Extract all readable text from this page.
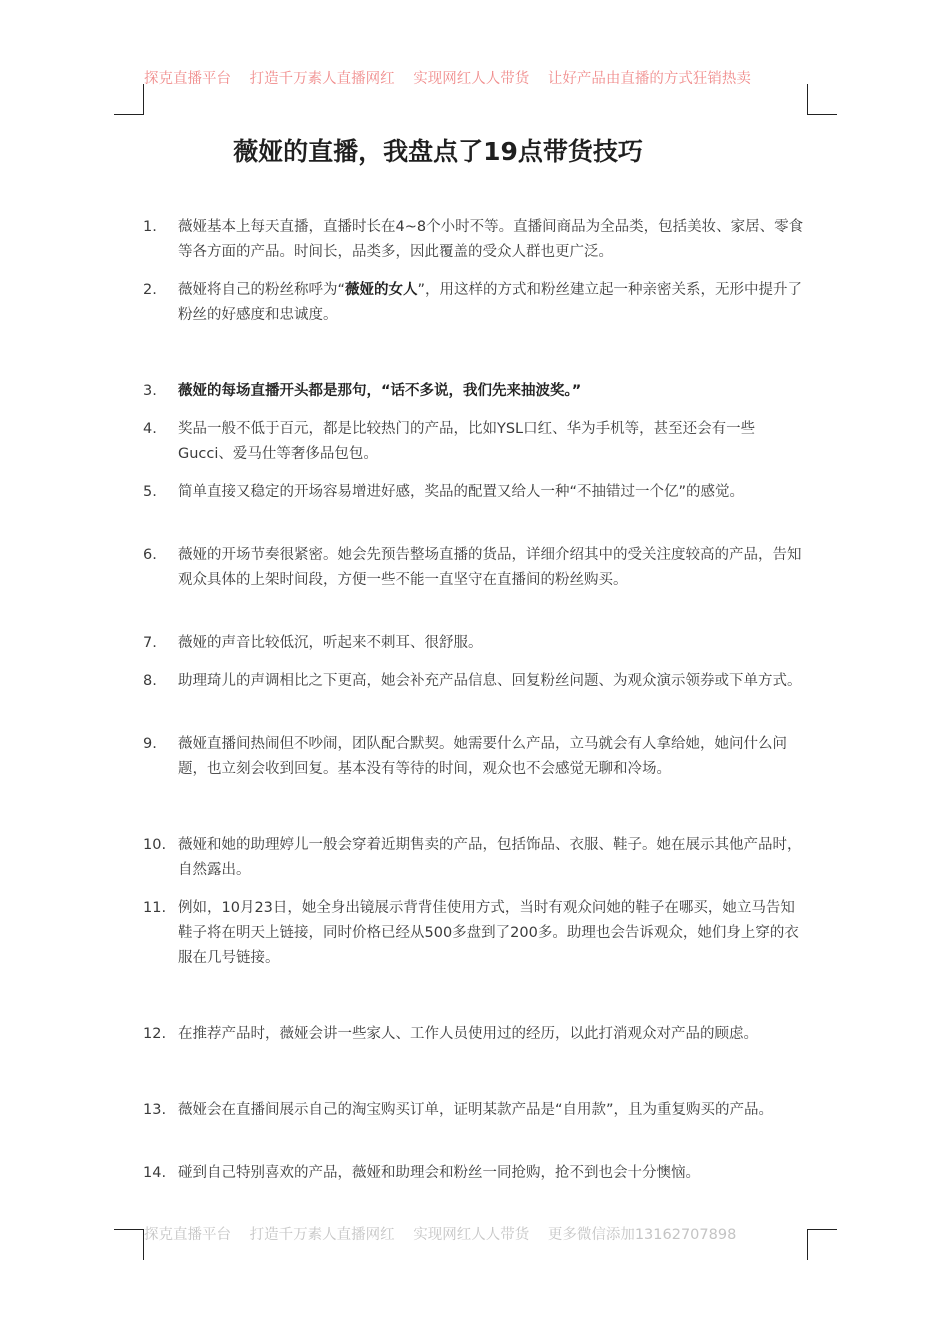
探克直播平台 打造千万素人直播网红 实现网红人人带货 让好产品由直播的方式狂销热卖
薇娅的直播，我盘点了19点带货技巧
1.	薇娅基本上每天直播，直播时长在4~8个小时不等。直播间商品为全品类，包括美妆、家居、零食等各方面的产品。时间长，品类多，因此覆盖的受众人群也更广泛。
2.	薇娅将自己的粉丝称呼为“薇娅的女人”，用这样的方式和粉丝建立起一种亲密关系，无形中提升了粉丝的好感度和忠诚度。
3.	薇娅的每场直播开头都是那句，“话不多说，我们先来抽波奖。”
4.	奖品一般不低于百元，都是比较热门的产品，比如YSL口红、华为手机等，甚至还会有一些Gucci、爱马仕等奢侈品包包。
5.	简单直接又稳定的开场容易增进好感，奖品的配置又给人一种“不抽错过一个亿”的感觉。
6.	薇娅的开场节奏很紧密。她会先预告整场直播的货品，详细介绍其中的受关注度较高的产品，告知观众具体的上架时间段，方便一些不能一直坚守在直播间的粉丝购买。
7.	薇娅的声音比较低沉，听起来不刺耳、很舒服。
8.	助理琦儿的声调相比之下更高，她会补充产品信息、回复粉丝问题、为观众演示领券或下单方式。
9.	薇娅直播间热闹但不吵闹，团队配合默契。她需要什么产品，立马就会有人拿给她，她问什么问题，也立刻会收到回复。基本没有等待的时间，观众也不会感觉无聊和冷场。
10. 薇娅和她的助理婷儿一般会穿着近期售卖的产品，包括饰品、衣服、鞋子。她在展示其他产品时，自然露出。
11. 例如，10月23日，她全身出镜展示背背佳使用方式，当时有观众问她的鞋子在哪买，她立马告知鞋子将在明天上链接，同时价格已经从500多盘到了200多。助理也会告诉观众，她们身上穿的衣服在几号链接。
12. 在推荐产品时，薇娅会讲一些家人、工作人员使用过的经历，以此打消观众对产品的顾虑。
13. 薇娅会在直播间展示自己的淘宝购买订单，证明某款产品是“自用款”，且为重复购买的产品。
14. 碰到自己特别喜欢的产品，薇娅和助理会和粉丝一同抢购，抢不到也会十分懊恼。
探克直播平台 打造千万素人直播网红 实现网红人人带货 更多微信添加13162707898
